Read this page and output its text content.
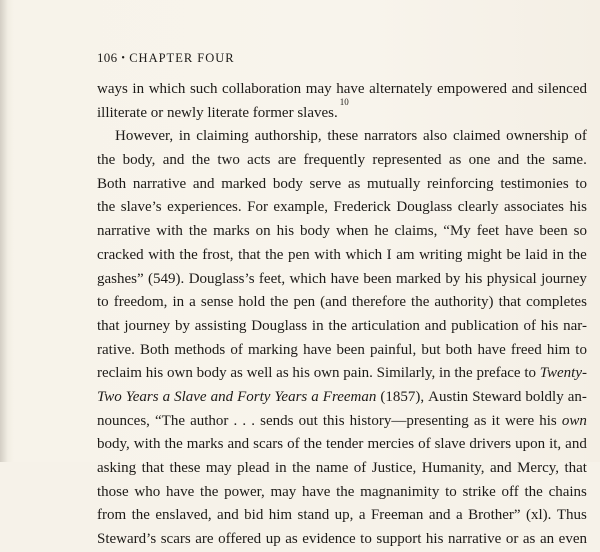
106 • CHAPTER FOUR
ways in which such collaboration may have alternately empowered and silenced
illiterate or newly literate former slaves.
10
However, in claiming authorship, these narrators also claimed ownership of
the body, and the two acts are frequently represented as one and the same.
Both narrative and marked body serve as mutually reinforcing testimonies to
the slave’s experiences. For example, Frederick Douglass clearly associates his
narrative with the marks on his body when he claims, “My feet have been so
cracked with the frost, that the pen with which I am writing might be laid in the
gashes” (549). Douglass’s feet, which have been marked by his physical journey
to freedom, in a sense hold the pen (and therefore the authority) that completes
that journey by assisting Douglass in the articulation and publication of his nar-
rative. Both methods of marking have been painful, but both have freed him to
reclaim his own body as well as his own pain. Similarly, in the preface to Twenty-
Two Years a Slave and Forty Years a Freeman (1857), Austin Steward boldly an-
nounces, “The author . . . sends out this history—presenting as it were his own
body, with the marks and scars of the tender mercies of slave drivers upon it, and
asking that these may plead in the name of Justice, Humanity, and Mercy, that
those who have the power, may have the magnanimity to strike off the chains
from the enslaved, and bid him stand up, a Freeman and a Brother” (xl). Thus
Steward’s scars are offered up as evidence to support his narrative or as an even
